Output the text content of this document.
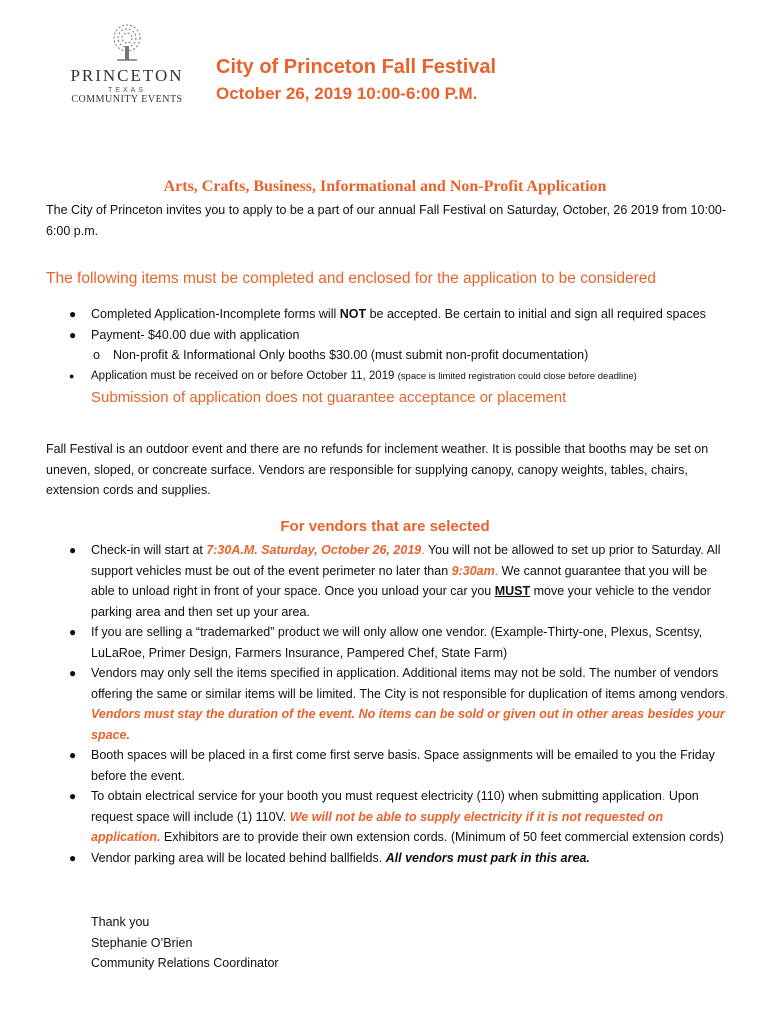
PRINCETON
TEXAS
COMMUNITY EVENTS
City of Princeton Fall Festival
October 26, 2019 10:00-6:00 P.M.
Arts, Crafts, Business, Informational and Non-Profit Application

The City of Princeton invites you to apply to be a part of our annual Fall Festival on Saturday, October, 26 2019 from 10:00-6:00 p.m.

The following items must be completed and enclosed for the application to be considered
● Completed Application-Incomplete forms will NOT be accepted. Be certain to initial and sign all required spaces
● Payment- $40.00 due with application
o Non-profit & Informational Only booths $30.00 (must submit non-profit documentation)
● Application must be received on or before October 11, 2019 (space is limited registration could close before deadline)
Submission of application does not guarantee acceptance or placement

Fall Festival is an outdoor event and there are no refunds for inclement weather. It is possible that booths may be set on uneven, sloped, or concreate surface. Vendors are responsible for supplying canopy, canopy weights, tables, chairs, extension cords and supplies.

For vendors that are selected
● Check-in will start at 7:30A.M. Saturday, October 26, 2019. You will not be allowed to set up prior to Saturday. All support vehicles must be out of the event perimeter no later than 9:30am. We cannot guarantee that you will be able to unload right in front of your space. Once you unload your car you MUST move your vehicle to the vendor parking area and then set up your area.
● If you are selling a “trademarked” product we will only allow one vendor. (Example-Thirty-one, Plexus, Scentsy, LuLaRoe, Primer Design, Farmers Insurance, Pampered Chef, State Farm)
● Vendors may only sell the items specified in application. Additional items may not be sold. The number of vendors offering the same or similar items will be limited. The City is not responsible for duplication of items among vendors. Vendors must stay the duration of the event. No items can be sold or given out in other areas besides your space.
● Booth spaces will be placed in a first come first serve basis. Space assignments will be emailed to you the Friday before the event.
● To obtain electrical service for your booth you must request electricity (110) when submitting application. Upon request space will include (1) 110V. We will not be able to supply electricity if it is not requested on application. Exhibitors are to provide their own extension cords. (Minimum of 50 feet commercial extension cords)
● Vendor parking area will be located behind ballfields. All vendors must park in this area.
Thank you
Stephanie O’Brien
Community Relations Coordinator
